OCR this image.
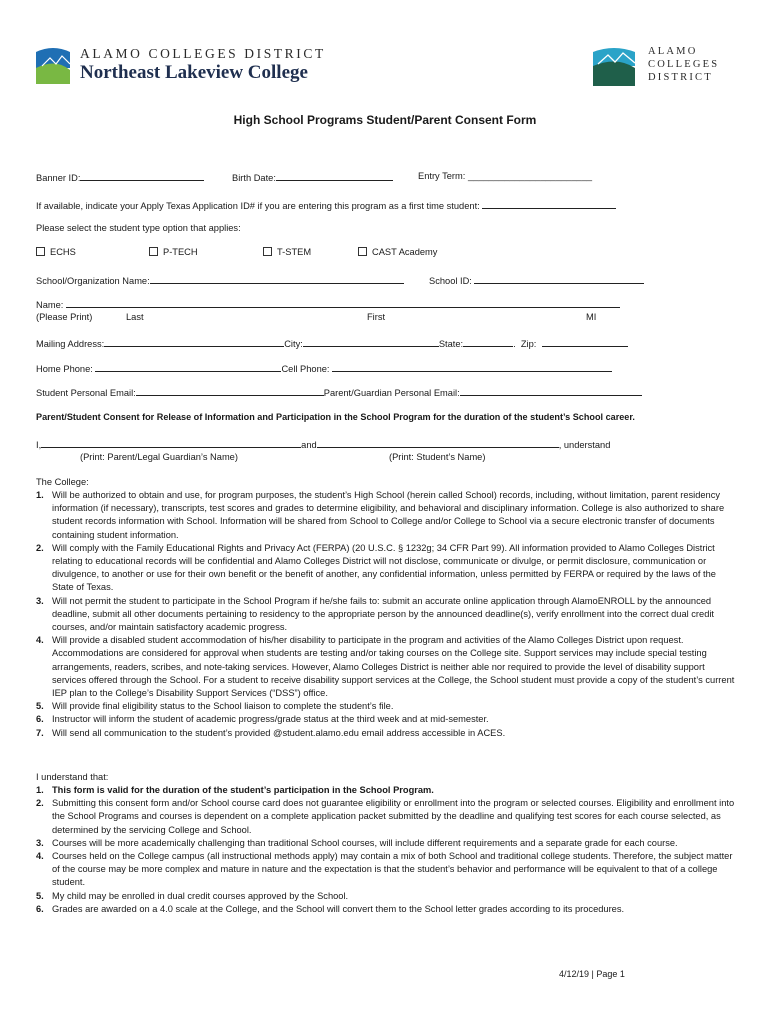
ALAMO COLLEGES DISTRICT
Northeast Lakeview College
ALAMO
COLLEGES
DISTRICT
High School Programs Student/Parent Consent Form
Banner ID:	Birth Date:	Entry Term: ________________________
If available, indicate your Apply Texas Application ID# if you are entering this program as a first time student:
Please select the student type option that applies:
ECHS	P-TECH	T-STEM	CAST Academy
School/Organization Name:	School ID:
Name:
(Please Print)	Last	First	MI
Mailing Address:	City:	State:	.  Zip:
Home Phone:	Cell Phone:
Student Personal Email:	Parent/Guardian Personal Email:
Parent/Student Consent for Release of Information and Participation in the School Program for the duration of the student’s School career.
I,	and	, understand
(Print: Parent/Legal Guardian’s Name)	(Print: Student’s Name)
The College:
1. Will be authorized to obtain and use, for program purposes, the student’s High School (herein called School) records, including, without limitation, parent residency information (if necessary), transcripts, test scores and grades to determine eligibility, and behavioral and disciplinary information. College is also authorized to share student records information with School. Information will be shared from School to College and/or College to School via a secure electronic transfer of documents containing student information.
2. Will comply with the Family Educational Rights and Privacy Act (FERPA) (20 U.S.C. § 1232g; 34 CFR Part 99). All information provided to Alamo Colleges District relating to educational records will be confidential and Alamo Colleges District will not disclose, communicate or divulge, or permit disclosure, communication or divulgence, to another or use for their own benefit or the benefit of another, any confidential information, unless permitted by FERPA or required by the laws of the State of Texas.
3. Will not permit the student to participate in the School Program if he/she fails to: submit an accurate online application through AlamoENROLL by the announced deadline, submit all other documents pertaining to residency to the appropriate person by the announced deadline(s), verify enrollment into the correct dual credit courses, and/or maintain satisfactory academic progress.
4. Will provide a disabled student accommodation of his/her disability to participate in the program and activities of the Alamo Colleges District upon request. Accommodations are considered for approval when students are testing and/or taking courses on the College site. Support services may include special testing arrangements, readers, scribes, and note-taking services. However, Alamo Colleges District is neither able nor required to provide the level of disability support services offered through the School. For a student to receive disability support services at the College, the School student must provide a copy of the student’s current IEP plan to the College’s Disability Support Services (“DSS”) office.
5. Will provide final eligibility status to the School liaison to complete the student’s file.
6. Instructor will inform the student of academic progress/grade status at the third week and at mid-semester.
7. Will send all communication to the student’s provided @student.alamo.edu email address accessible in ACES.
I understand that:
1. This form is valid for the duration of the student’s participation in the School Program.
2. Submitting this consent form and/or School course card does not guarantee eligibility or enrollment into the program or selected courses. Eligibility and enrollment into the School Programs and courses is dependent on a complete application packet submitted by the deadline and qualifying test scores for each course selected, as determined by the servicing College and School.
3. Courses will be more academically challenging than traditional School courses, will include different requirements and a separate grade for each course.
4. Courses held on the College campus (all instructional methods apply) may contain a mix of both School and traditional college students. Therefore, the subject matter of the course may be more complex and mature in nature and the expectation is that the student’s behavior and performance will be equivalent to that of a college student.
5. My child may be enrolled in dual credit courses approved by the School.
6. Grades are awarded on a 4.0 scale at the College, and the School will convert them to the School letter grades according to its procedures.
4/12/19 | Page 1
